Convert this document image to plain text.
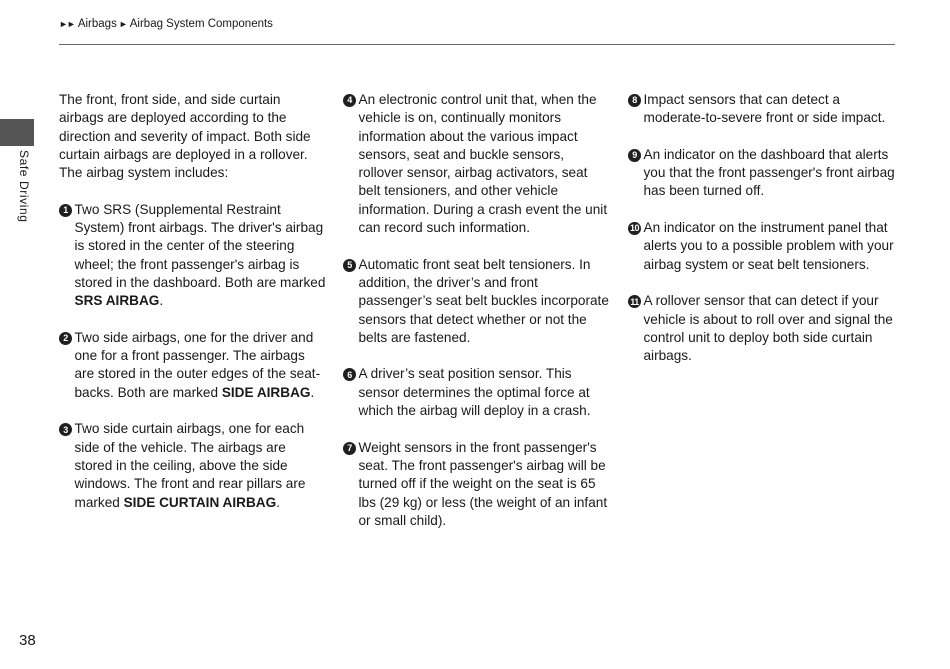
►► Airbags ► Airbag System Components
Safe Driving

The front, front side, and side curtain airbags are deployed according to the direction and severity of impact. Both side curtain airbags are deployed in a rollover. The airbag system includes:

1 Two SRS (Supplemental Restraint System) front airbags. The driver's airbag is stored in the center of the steering wheel; the front passenger's airbag is stored in the dashboard. Both are marked SRS AIRBAG.
2 Two side airbags, one for the driver and one for a front passenger. The airbags are stored in the outer edges of the seat-backs. Both are marked SIDE AIRBAG.
3 Two side curtain airbags, one for each side of the vehicle. The airbags are stored in the ceiling, above the side windows. The front and rear pillars are marked SIDE CURTAIN AIRBAG.
4 An electronic control unit that, when the vehicle is on, continually monitors information about the various impact sensors, seat and buckle sensors, rollover sensor, airbag activators, seat belt tensioners, and other vehicle information. During a crash event the unit can record such information.
5 Automatic front seat belt tensioners. In addition, the driver’s and front passenger’s seat belt buckles incorporate sensors that detect whether or not the belts are fastened.
6 A driver’s seat position sensor. This sensor determines the optimal force at which the airbag will deploy in a crash.
7 Weight sensors in the front passenger's seat. The front passenger's airbag will be turned off if the weight on the seat is 65 lbs (29 kg) or less (the weight of an infant or small child).
8 Impact sensors that can detect a moderate-to-severe front or side impact.
9 An indicator on the dashboard that alerts you that the front passenger's front airbag has been turned off.
10 An indicator on the instrument panel that alerts you to a possible problem with your airbag system or seat belt tensioners.
11 A rollover sensor that can detect if your vehicle is about to roll over and signal the control unit to deploy both side curtain airbags.
38
